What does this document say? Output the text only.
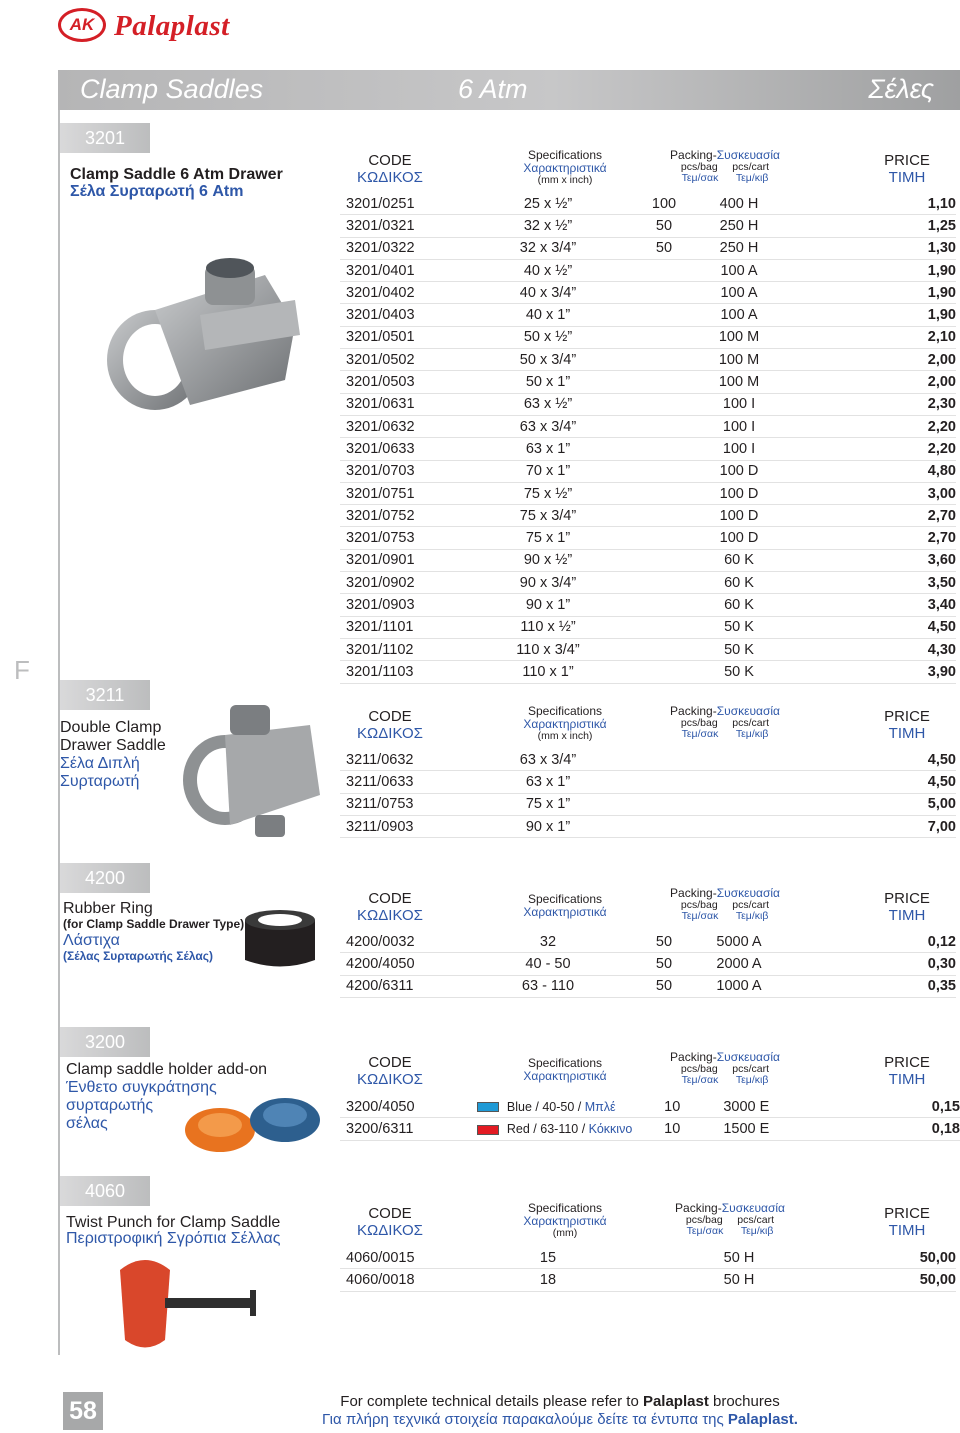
AK Palaplast
Clamp Saddles	6 Atm	Σέλες
F
3201
Clamp Saddle 6 Atm Drawer
Σέλα Συρταρωτή 6 Atm
CODE
ΚΩΔΙΚΟΣ
Specifications
Χαρακτηριστικά
(mm x inch)
Packing-Συσκευασία
pcs/bag pcs/cart
Τεμ/σακ Τεμ/κιβ
PRICE
ΤΙΜΗ
3201/0251	25 x ½”	100	400 H		1,10
3201/0321	32 x ½”	50	250 H		1,25
3201/0322	32 x 3/4”	50	250 H		1,30
3201/0401	40 x ½”		100 A		1,90
3201/0402	40 x 3/4”		100 A		1,90
3201/0403	40 x 1”		100 A		1,90
3201/0501	50 x ½”		100 M		2,10
3201/0502	50 x 3/4”		100 M		2,00
3201/0503	50 x 1”		100 M		2,00
3201/0631	63 x ½”		100 I		2,30
3201/0632	63 x 3/4”		100 I		2,20
3201/0633	63 x 1”		100 I		2,20
3201/0703	70 x 1”		100 D		4,80
3201/0751	75 x ½”		100 D		3,00
3201/0752	75 x 3/4”		100 D		2,70
3201/0753	75 x 1”		100 D		2,70
3201/0901	90 x ½”		60 K		3,60
3201/0902	90 x 3/4”		60 K		3,50
3201/0903	90 x 1”		60 K		3,40
3201/1101	110 x ½”		50 K		4,50
3201/1102	110 x 3/4”		50 K		4,30
3201/1103	110 x 1”		50 K		3,90
3211
Double Clamp
Drawer Saddle
Σέλα Διπλή
Συρταρωτή
CODE
ΚΩΔΙΚΟΣ
Specifications
Χαρακτηριστικά
(mm x inch)
Packing-Συσκευασία
pcs/bag pcs/cart
Τεμ/σακ Τεμ/κιβ
PRICE
ΤΙΜΗ
3211/0632	63 x 3/4”				4,50
3211/0633	63 x 1”				4,50
3211/0753	75 x 1”				5,00
3211/0903	90 x 1”				7,00
4200
Rubber Ring
(for Clamp Saddle Drawer Type)
Λάστιχα
(Σέλας Συρταρωτής Σέλας)
CODE
ΚΩΔΙΚΟΣ
Specifications
Χαρακτηριστικά
Packing-Συσκευασία
pcs/bag pcs/cart
Τεμ/σακ Τεμ/κιβ
PRICE
ΤΙΜΗ
4200/0032	32	50	5000 A		0,12
4200/4050	40 - 50	50	2000 A		0,30
4200/6311	63 - 110	50	1000 A		0,35
3200
Clamp saddle holder add-on
Ένθετο συγκράτησης
συρταρωτής
σέλας
CODE
ΚΩΔΙΚΟΣ
Specifications
Χαρακτηριστικά
Packing-Συσκευασία
pcs/bag pcs/cart
Τεμ/σακ Τεμ/κιβ
PRICE
ΤΙΜΗ
3200/4050	Blue / 40-50 / Μπλέ	10	3000 E		0,15
3200/6311	Red / 63-110 / Κόκκινο	10	1500 E		0,18
4060
Twist Punch for Clamp Saddle
Περιστροφική Σγρόπια Σέλλας
CODE
ΚΩΔΙΚΟΣ
Specifications
Χαρακτηριστικά
(mm)
Packing-Συσκευασία
pcs/bag pcs/cart
Τεμ/σακ Τεμ/κιβ
PRICE
ΤΙΜΗ
4060/0015	15		50 H		50,00
4060/0018	18		50 H		50,00
58	For complete technical details please refer to Palaplast brochures
Για πλήρη τεχνικά στοιχεία παρακαλούμε δείτε τα έντυπα της Palaplast.
